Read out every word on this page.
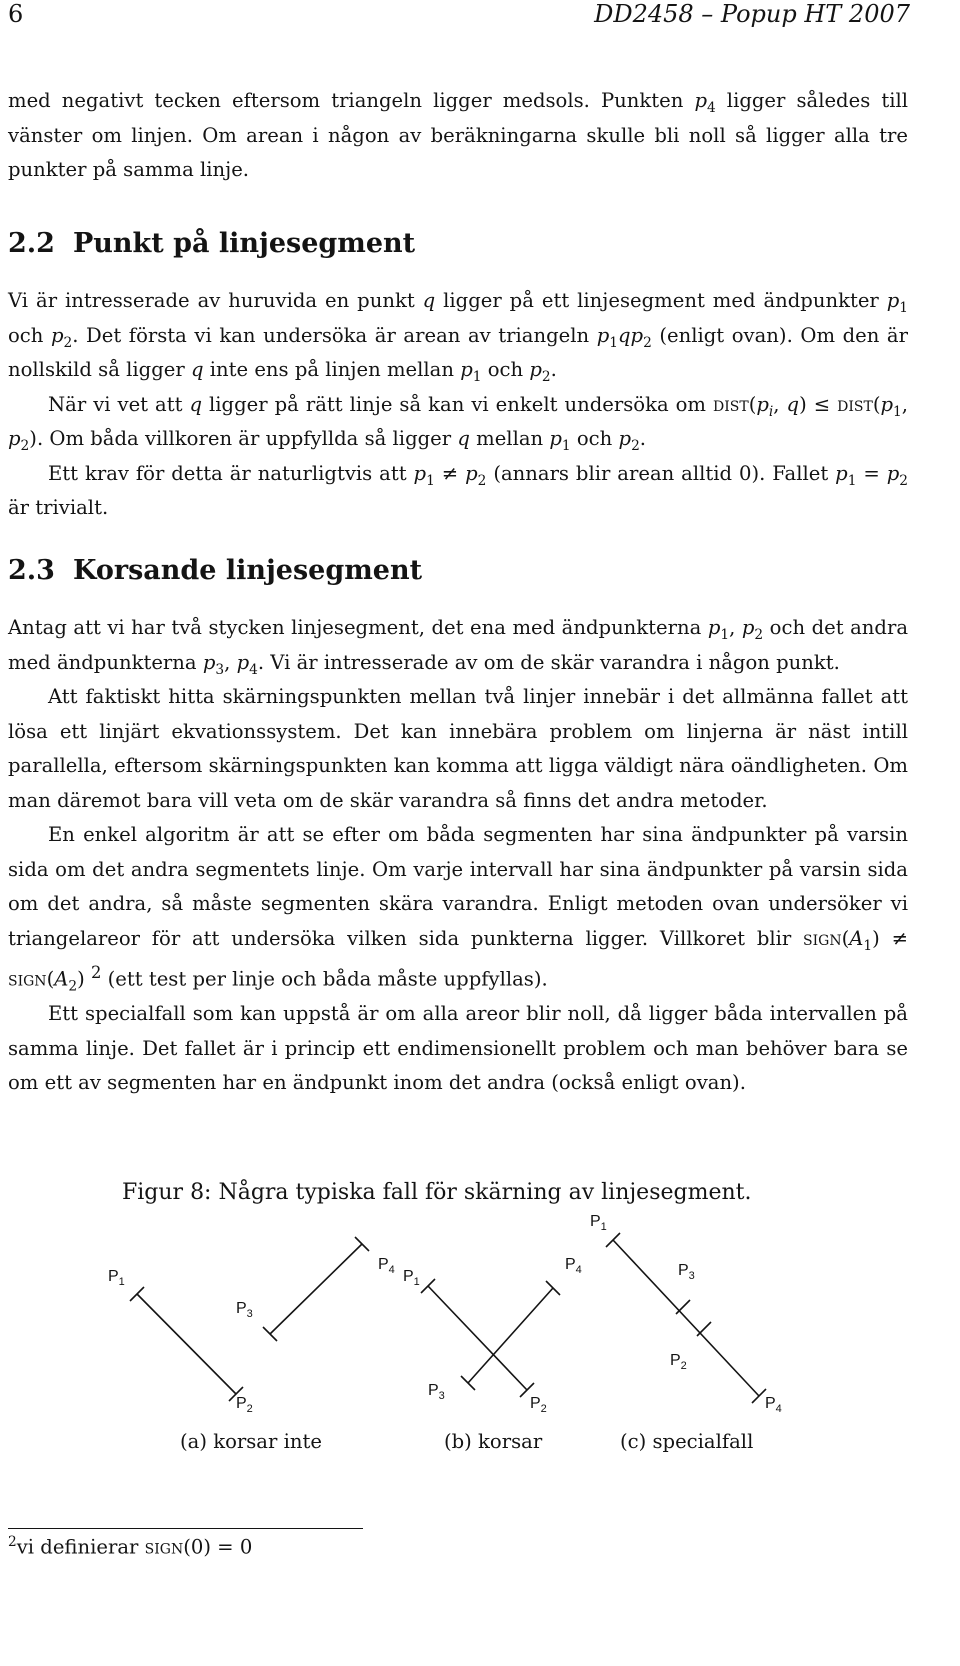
6	DD2458 – Popup HT 2007

med negativt tecken eftersom triangeln ligger medsols. Punkten $p_4$ ligger således till vänster om linjen. Om arean i någon av beräkningarna skulle bli noll så ligger alla tre punkter på samma linje.

2.2 Punkt på linjesegment

Vi är intresserade av huruvida en punkt q ligger på ett linjesegment med ändpunkter $p_1$ och $p_2$. Det första vi kan undersöka är arean av triangeln $p_1qp_2$ (enligt ovan). Om den är nollskild så ligger q inte ens på linjen mellan $p_1$ och $p_2$.

När vi vet att q ligger på rätt linje så kan vi enkelt undersöka om $dist(p_i$, $q) \le dist(p_1$, $p_2$). Om båda villkoren är uppfyllda så ligger q mellan $p_1$ och $p_2$.

Ett krav för detta är naturligtvis att $p_1 \ne p_2$ (annars blir arean alltid 0). Fallet $p_1 = p_2$ är trivialt.

2.3 Korsande linjesegment

Antag att vi har två stycken linjesegment, det ena med ändpunkterna $p_1$, $p_2$ och det andra med ändpunkterna $p_3$, $p_4$. Vi är intresserade av om de skär varandra i någon punkt.

Att faktiskt hitta skärningspunkten mellan två linjer innebär i det allmänna fallet att lösa ett linjärt ekvationssystem. Det kan innebära problem om linjerna är näst intill parallella, eftersom skärningspunkten kan komma att ligga väldigt nära oändligheten. Om man däremot bara vill veta om de skär varandra så finns det andra metoder.

En enkel algoritm är att se efter om båda segmenten har sina ändpunkter på varsin sida om det andra segmentets linje. Om varje intervall har sina ändpunkter på varsin sida om det andra, så måste segmenten skära varandra. Enligt metoden ovan undersöker vi triangelareor för att undersöka vilken sida punkterna ligger. Villkoret blir $sign(A_1)$ ≠ $sign(A_2)$ $^2$ (ett test per linje och båda måste uppfyllas).

Ett specialfall som kan uppstå är om alla areor blir noll, då ligger båda intervallen på samma linje. Det fallet är i princip ett endimensionellt problem och man behöver bara se om ett av segmenten har en ändpunkt inom det andra (också enligt ovan).

Figur 8: Några typiska fall för skärning av linjesegment.
$P_1$
$P_3$
$P_2$
$P_4$ $P_1$
$P_3$	$P_2$
$P_4$
$P_1$
$P_3$
$P_2$
$P_4$
(a) korsar inte	(b) korsar	(c) specialfall
$^2$vi definierar sign(0) = 0
